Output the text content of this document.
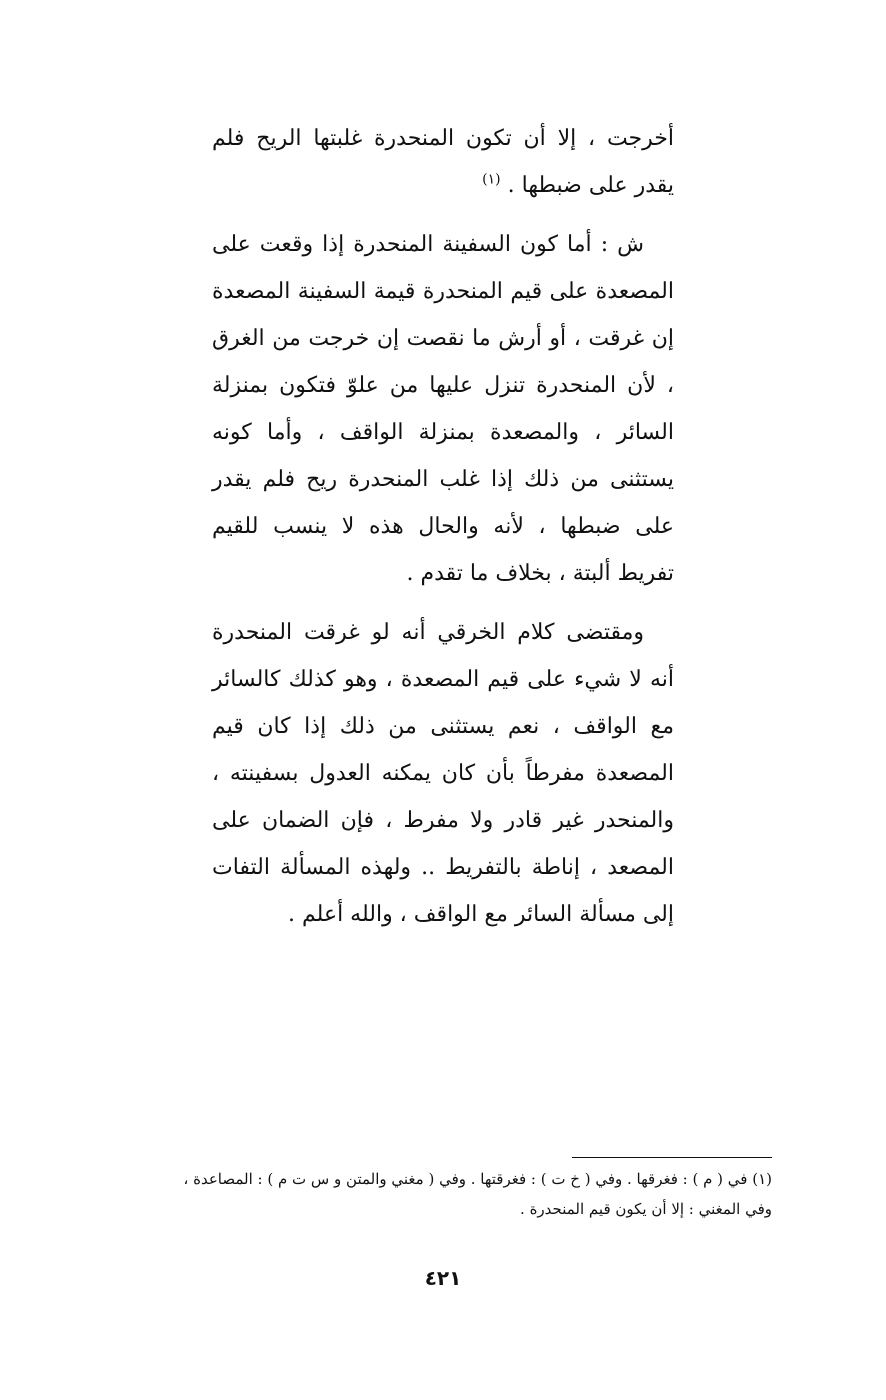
أخرجت ، إلا أن تكون المنحدرة غلبتها الريح فلم يقدر على ضبطها . $^{(١)}$

ش : أما كون السفينة المنحدرة إذا وقعت على المصعدة على قيم المنحدرة قيمة السفينة المصعدة إن غرقت ، أو أرش ما نقصت إن خرجت من الغرق ، لأن المنحدرة تنزل عليها من علوّ فتكون بمنزلة السائر ، والمصعدة بمنزلة الواقف ، وأما كونه يستثنى من ذلك إذا غلب المنحدرة ريح فلم يقدر على ضبطها ، لأنه والحال هذه لا ينسب للقيم تفريط ألبتة ، بخلاف ما تقدم .

ومقتضى كلام الخرقي أنه لو غرقت المنحدرة أنه لا شيء على قيم المصعدة ، وهو كذلك كالسائر مع الواقف ، نعم يستثنى من ذلك إذا كان قيم المصعدة مفرطاً بأن كان يمكنه العدول بسفينته ، والمنحدر غير قادر ولا مفرط ، فإن الضمان على المصعد ، إناطة بالتفريط .. ولهذه المسألة التفات إلى مسألة السائر مع الواقف ، والله أعلم .

(١) في ( م ) : فغرقها . وفي ( خ ت ) : فغرقتها . وفي ( مغني والمتن و س ت م ) : المصاعدة ،

وفي المغني : إلا أن يكون قيم المنحدرة .

٤٢١
